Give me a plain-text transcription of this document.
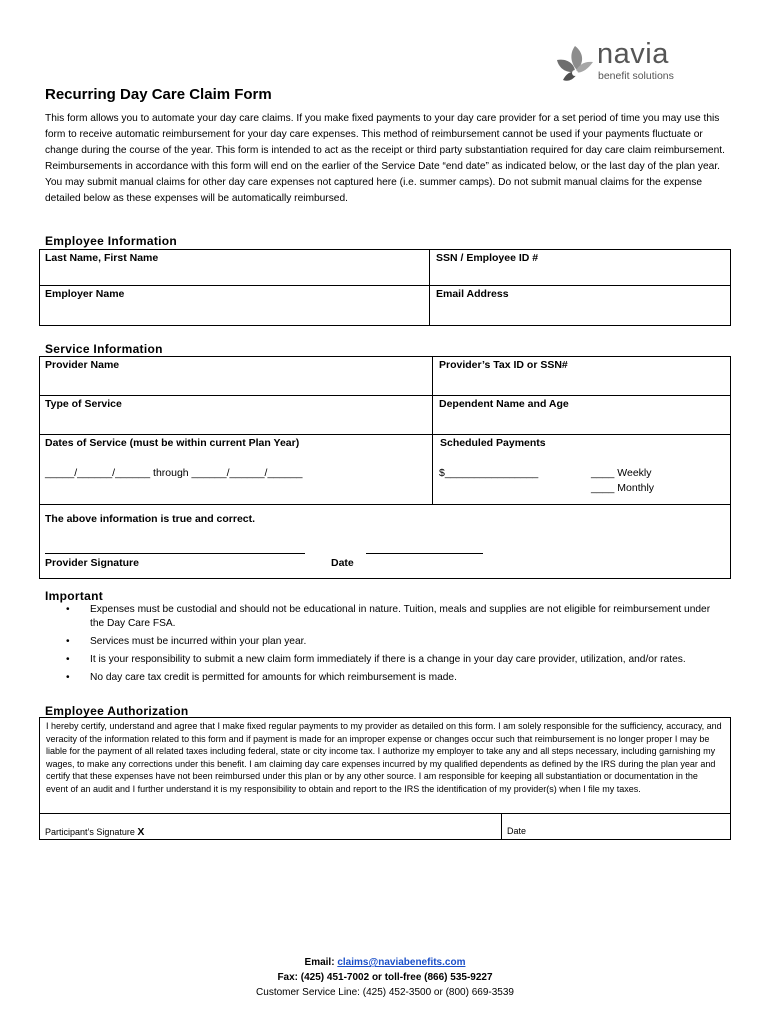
navia
benefit solutions
Recurring Day Care Claim Form
This form allows you to automate your day care claims. If you make fixed payments to your day care provider for a set period of time you may use this form to receive automatic reimbursement for your day care expenses. This method of reimbursement cannot be used if your payments fluctuate or change during the course of the year. This form is intended to act as the receipt or third party substantiation required for day care claim reimbursement. Reimbursements in accordance with this form will end on the earlier of the Service Date “end date” as indicated below, or the last day of the plan year. You may submit manual claims for other day care expenses not captured here (i.e. summer camps). Do not submit manual claims for the expense detailed below as these expenses will be automatically reimbursed.
Employee Information
Last Name, First Name	SSN / Employee ID #
Employer Name	Email Address
Service Information
Provider Name	Provider’s Tax ID or SSN#
Type of Service	Dependent Name and Age
Dates of Service (must be within current Plan Year)	Scheduled Payments
_____/______/______ through ______/______/______	$________________	____ Weekly
____ Monthly
The above information is true and correct.
Provider Signature	Date
Important
• Expenses must be custodial and should not be educational in nature. Tuition, meals and supplies are not eligible for reimbursement under the Day Care FSA.
• Services must be incurred within your plan year.
• It is your responsibility to submit a new claim form immediately if there is a change in your day care provider, utilization, and/or rates.
• No day care tax credit is permitted for amounts for which reimbursement is made.
Employee Authorization
I hereby certify, understand and agree that I make fixed regular payments to my provider as detailed on this form. I am solely responsible for the sufficiency, accuracy, and veracity of the information related to this form and if payment is made for an improper expense or changes occur such that reimbursement is no longer proper I may be liable for the payment of all related taxes including federal, state or city income tax. I authorize my employer to take any and all steps necessary, including garnishing my wages, to make any corrections under this benefit. I am claiming day care expenses incurred by my qualified dependents as defined by the IRS during the plan year and certify that these expenses have not been reimbursed under this plan or by any other source. I am responsible for keeping all substantiation or documentation in the event of an audit and I further understand it is my responsibility to obtain and report to the IRS the identification of my provider(s) when I file my taxes.
Participant’s Signature X	Date
Email: claims@naviabenefits.com
Fax: (425) 451-7002 or toll-free (866) 535-9227
Customer Service Line: (425) 452-3500 or (800) 669-3539
